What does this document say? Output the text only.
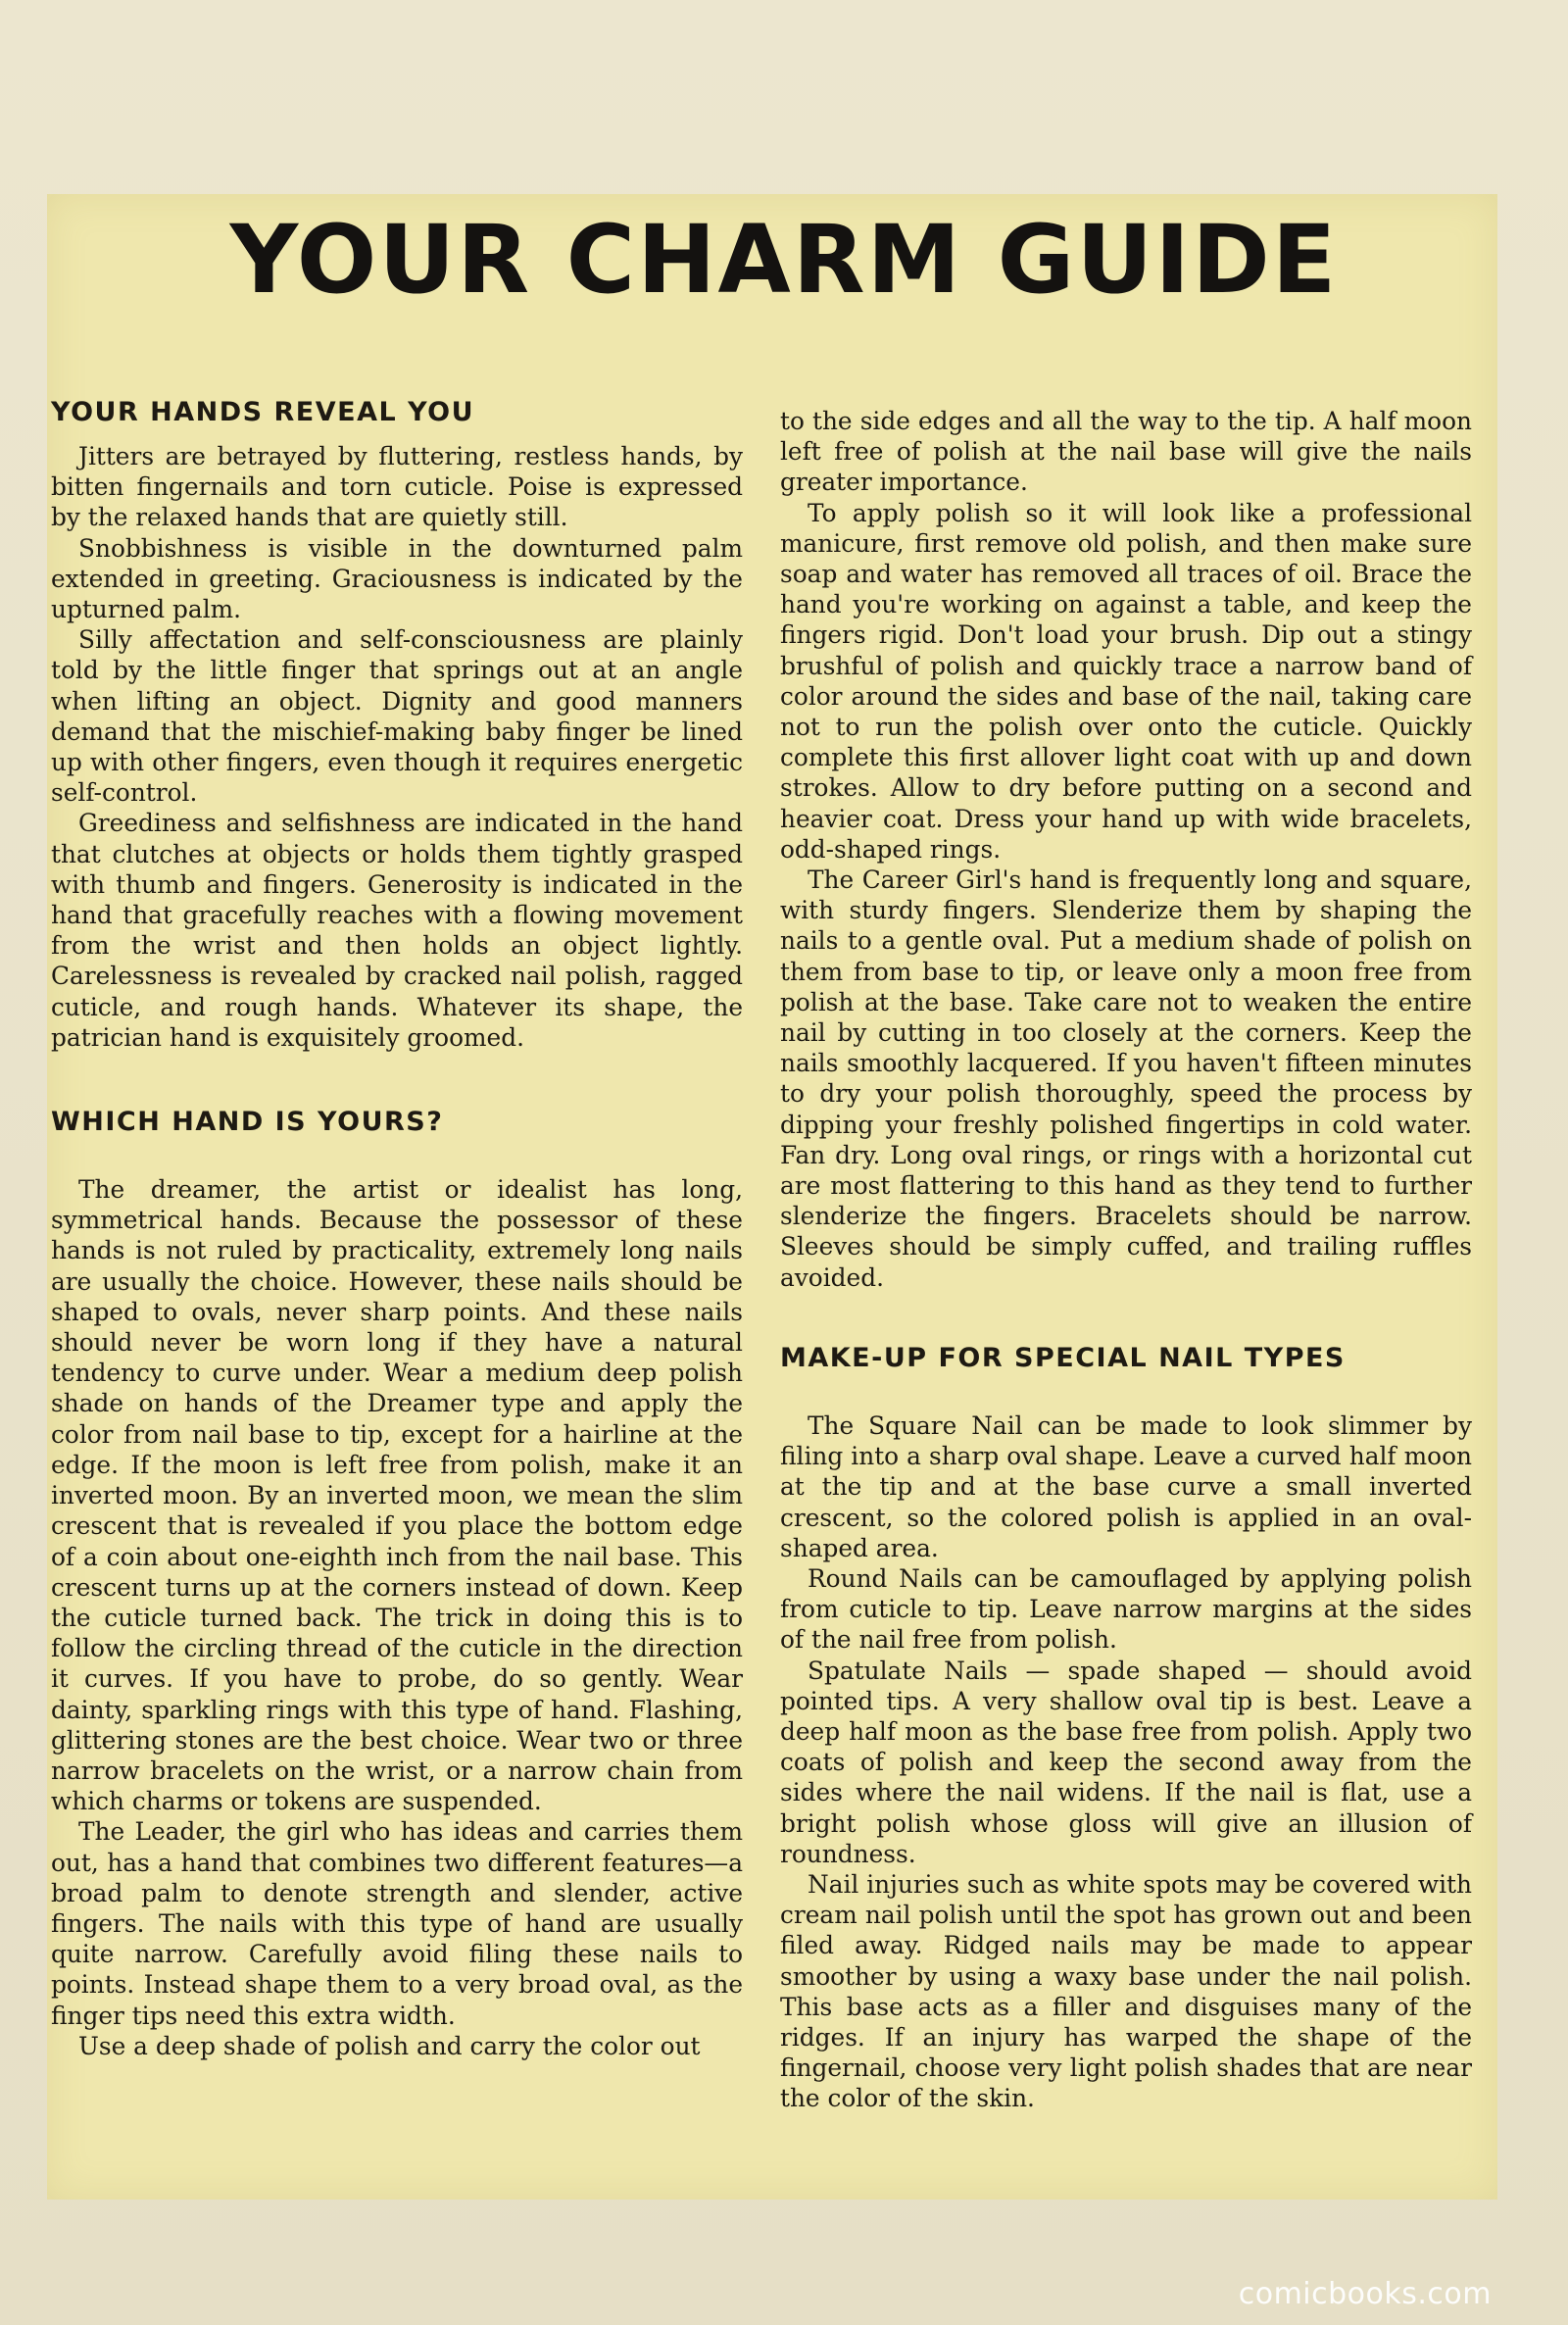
YOUR CHARM GUIDE
YOUR HANDS REVEAL YOU

Jitters are betrayed by fluttering, restless hands, by bitten fingernails and torn cuticle. Poise is expressed by the relaxed hands that are quietly still.

Snobbishness is visible in the downturned palm extended in greeting. Graciousness is indicated by the upturned palm.

Silly affectation and self-consciousness are plainly told by the little finger that springs out at an angle when lifting an object. Dignity and good manners demand that the mischief-making baby finger be lined up with other fingers, even though it requires energetic self-control.

Greediness and selfishness are indicated in the hand that clutches at objects or holds them tightly grasped with thumb and fingers. Generosity is indicated in the hand that gracefully reaches with a flowing movement from the wrist and then holds an object lightly. Carelessness is revealed by cracked nail polish, ragged cuticle, and rough hands. Whatever its shape, the patrician hand is exquisitely groomed.

WHICH HAND IS YOURS?

The dreamer, the artist or idealist has long, symmetrical hands. Because the possessor of these hands is not ruled by practicality, extremely long nails are usually the choice. However, these nails should be shaped to ovals, never sharp points. And these nails should never be worn long if they have a natural tendency to curve under. Wear a medium deep polish shade on hands of the Dreamer type and apply the color from nail base to tip, except for a hairline at the edge. If the moon is left free from polish, make it an inverted moon. By an inverted moon, we mean the slim crescent that is revealed if you place the bottom edge of a coin about one-eighth inch from the nail base. This crescent turns up at the corners instead of down. Keep the cuticle turned back. The trick in doing this is to follow the circling thread of the cuticle in the direction it curves. If you have to probe, do so gently. Wear dainty, sparkling rings with this type of hand. Flashing, glittering stones are the best choice. Wear two or three narrow bracelets on the wrist, or a narrow chain from which charms or tokens are suspended.

The Leader, the girl who has ideas and carries them out, has a hand that combines two different features—a broad palm to denote strength and slender, active fingers. The nails with this type of hand are usually quite narrow. Carefully avoid filing these nails to points. Instead shape them to a very broad oval, as the finger tips need this extra width.

Use a deep shade of polish and carry the color out

to the side edges and all the way to the tip. A half moon left free of polish at the nail base will give the nails greater importance.

To apply polish so it will look like a professional manicure, first remove old polish, and then make sure soap and water has removed all traces of oil. Brace the hand you're working on against a table, and keep the fingers rigid. Don't load your brush. Dip out a stingy brushful of polish and quickly trace a narrow band of color around the sides and base of the nail, taking care not to run the polish over onto the cuticle. Quickly complete this first allover light coat with up and down strokes. Allow to dry before putting on a second and heavier coat. Dress your hand up with wide bracelets, odd-shaped rings.

The Career Girl's hand is frequently long and square, with sturdy fingers. Slenderize them by shaping the nails to a gentle oval. Put a medium shade of polish on them from base to tip, or leave only a moon free from polish at the base. Take care not to weaken the entire nail by cutting in too closely at the corners. Keep the nails smoothly lacquered. If you haven't fifteen minutes to dry your polish thoroughly, speed the process by dipping your freshly polished fingertips in cold water. Fan dry. Long oval rings, or rings with a horizontal cut are most flattering to this hand as they tend to further slenderize the fingers. Bracelets should be narrow. Sleeves should be simply cuffed, and trailing ruffles avoided.

MAKE-UP FOR SPECIAL NAIL TYPES

The Square Nail can be made to look slimmer by filing into a sharp oval shape. Leave a curved half moon at the tip and at the base curve a small inverted crescent, so the colored polish is applied in an oval-shaped area.

Round Nails can be camouflaged by applying polish from cuticle to tip. Leave narrow margins at the sides of the nail free from polish.

Spatulate Nails — spade shaped — should avoid pointed tips. A very shallow oval tip is best. Leave a deep half moon as the base free from polish. Apply two coats of polish and keep the second away from the sides where the nail widens. If the nail is flat, use a bright polish whose gloss will give an illusion of roundness.

Nail injuries such as white spots may be covered with cream nail polish until the spot has grown out and been filed away. Ridged nails may be made to appear smoother by using a waxy base under the nail polish. This base acts as a filler and disguises many of the ridges. If an injury has warped the shape of the fingernail, choose very light polish shades that are near the color of the skin.

comicbooks.com
